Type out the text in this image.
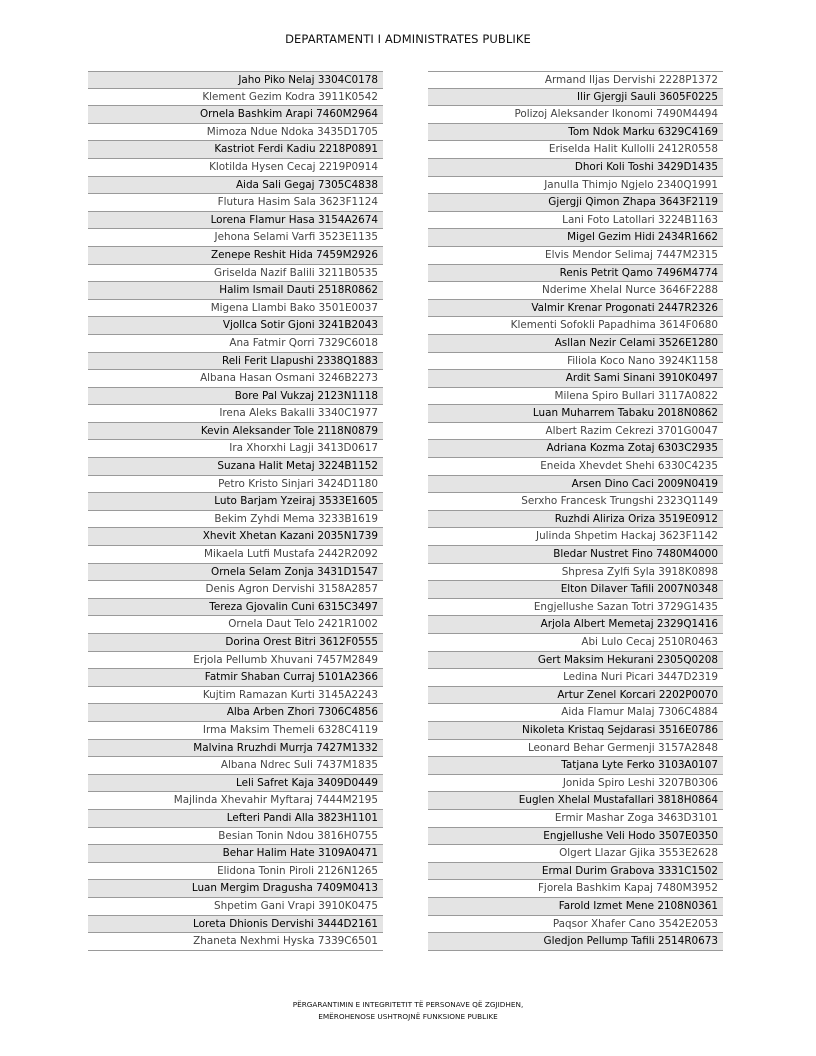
DEPARTAMENTI I ADMINISTRATES PUBLIKE
Jaho Piko Nelaj 3304C0178
Klement Gezim Kodra 3911K0542
Ornela Bashkim Arapi 7460M2964
Mimoza Ndue Ndoka 3435D1705
Kastriot Ferdi Kadiu 2218P0891
Klotilda Hysen Cecaj 2219P0914
Aida Sali Gegaj 7305C4838
Flutura Hasim Sala 3623F1124
Lorena Flamur Hasa 3154A2674
Jehona Selami Varfi 3523E1135
Zenepe Reshit Hida 7459M2926
Griselda Nazif Balili 3211B0535
Halim Ismail Dauti 2518R0862
Migena Llambi Bako 3501E0037
Vjollca Sotir Gjoni 3241B2043
Ana Fatmir Qorri 7329C6018
Reli Ferit Llapushi 2338Q1883
Albana Hasan Osmani 3246B2273
Bore Pal Vukzaj 2123N1118
Irena Aleks Bakalli 3340C1977
Kevin Aleksander Tole 2118N0879
Ira Xhorxhi Lagji 3413D0617
Suzana Halit Metaj 3224B1152
Petro Kristo Sinjari 3424D1180
Luto Barjam Yzeiraj 3533E1605
Bekim Zyhdi Mema 3233B1619
Xhevit Xhetan Kazani 2035N1739
Mikaela Lutfi Mustafa 2442R2092
Ornela Selam Zonja 3431D1547
Denis Agron Dervishi 3158A2857
Tereza Gjovalin Cuni 6315C3497
Ornela Daut Telo 2421R1002
Dorina Orest Bitri 3612F0555
Erjola Pellumb Xhuvani 7457M2849
Fatmir Shaban Curraj 5101A2366
Kujtim Ramazan Kurti 3145A2243
Alba Arben Zhori 7306C4856
Irma Maksim Themeli 6328C4119
Malvina Rruzhdi Murrja 7427M1332
Albana Ndrec Suli 7437M1835
Leli Safret Kaja 3409D0449
Majlinda Xhevahir Myftaraj 7444M2195
Lefteri Pandi Alla 3823H1101
Besian Tonin Ndou 3816H0755
Behar Halim Hate 3109A0471
Elidona Tonin Piroli 2126N1265
Luan Mergim Dragusha 7409M0413
Shpetim Gani Vrapi 3910K0475
Loreta Dhionis Dervishi 3444D2161
Zhaneta Nexhmi Hyska 7339C6501
Armand Iljas Dervishi 2228P1372
Ilir Gjergji Sauli 3605F0225
Polizoj Aleksander Ikonomi 7490M4494
Tom Ndok Marku 6329C4169
Eriselda Halit Kullolli 2412R0558
Dhori Koli Toshi 3429D1435
Janulla Thimjo Ngjelo 2340Q1991
Gjergji Qimon Zhapa 3643F2119
Lani Foto Latollari 3224B1163
Migel Gezim Hidi 2434R1662
Elvis Mendor Selimaj 7447M2315
Renis Petrit Qamo 7496M4774
Nderime Xhelal Nurce 3646F2288
Valmir Krenar Progonati 2447R2326
Klementi Sofokli Papadhima 3614F0680
Asllan Nezir Celami 3526E1280
Filiola Koco Nano 3924K1158
Ardit Sami Sinani 3910K0497
Milena Spiro Bullari 3117A0822
Luan Muharrem Tabaku 2018N0862
Albert Razim Cekrezi 3701G0047
Adriana Kozma Zotaj 6303C2935
Eneida Xhevdet Shehi 6330C4235
Arsen Dino Caci 2009N0419
Serxho Francesk Trungshi 2323Q1149
Ruzhdi Aliriza Oriza 3519E0912
Julinda Shpetim Hackaj 3623F1142
Bledar Nustret Fino 7480M4000
Shpresa Zylfi Syla 3918K0898
Elton Dilaver Tafili 2007N0348
Engjellushe Sazan Totri 3729G1435
Arjola Albert Memetaj 2329Q1416
Abi Lulo Cecaj 2510R0463
Gert Maksim Hekurani 2305Q0208
Ledina Nuri Picari 3447D2319
Artur Zenel Korcari 2202P0070
Aida Flamur Malaj 7306C4884
Nikoleta Kristaq Sejdarasi 3516E0786
Leonard Behar Germenji 3157A2848
Tatjana Lyte Ferko 3103A0107
Jonida Spiro Leshi 3207B0306
Euglen Xhelal Mustafallari 3818H0864
Ermir Mashar Zoga 3463D3101
Engjellushe Veli Hodo 3507E0350
Olgert Llazar Gjika 3553E2628
Ermal Durim Grabova 3331C1502
Fjorela Bashkim Kapaj 7480M3952
Farold Izmet Mene 2108N0361
Paqsor Xhafer Cano 3542E2053
Gledjon Pellump Tafili 2514R0673
PËRGARANTIMIN E INTEGRITETIT TË PERSONAVE QË ZGJIDHEN,
EMËROHENOSE USHTROJNË FUNKSIONE PUBLIKE
